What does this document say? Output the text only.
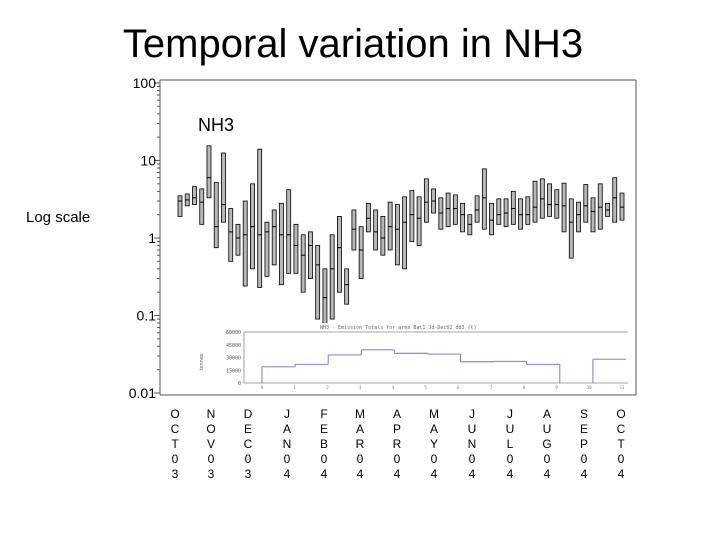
Temporal variation in NH3
Log scale
100
10
1
0.1
0.01
NH3
O C T 0 3
N O V 0 3
D E C 0 3
J A N 0 4
F E B 0 4
M A R 0 4
A P R 0 4
M A Y 0 4
J U N 0 4
J U L 0 4
A U G 0 4
S E P 0 4
O C T 0 4
NH3 - Emission Totals for area Bat1 Jd-Dec02 dd3 (t)
tonnes
60000
45000
30000
15000
0
0	1	2	3	4	5	6	7	8	9	10	11
